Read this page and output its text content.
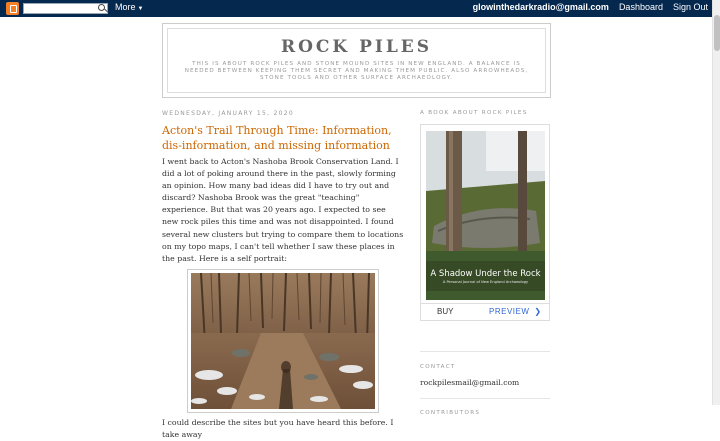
More ▼	glowinthedarkradio@gmail.com Dashboard Sign Out
ROCK PILES
THIS IS ABOUT ROCK PILES AND STONE MOUND SITES IN NEW ENGLAND. A BALANCE IS NEEDED BETWEEN KEEPING THEM SECRET AND MAKING THEM PUBLIC. ALSO ARROWHEADS, STONE TOOLS AND OTHER SURFACE ARCHAEOLOGY.
WEDNESDAY, JANUARY 15, 2020
Acton's Trail Through Time: Information, dis-information, and missing information
I went back to Acton's Nashoba Brook Conservation Land. I did a lot of poking around there in the past, slowly forming an opinion. How many bad ideas did I have to try out and discard? Nashoba Brook was the great "teaching" experience. But that was 20 years ago. I expected to see new rock piles this time and was not disappointed. I found several new clusters but trying to compare them to locations on my topo maps, I can't tell whether I saw these places in the past. Here is a self portrait:
I could describe the sites but you have heard this before. I take away
A BOOK ABOUT ROCK PILES
A Shadow Under the Rock
A Personal Journal of New England Archaeology
BUY	PREVIEW ❯
CONTACT
rockpilesmail@gmail.com
CONTRIBUTORS
